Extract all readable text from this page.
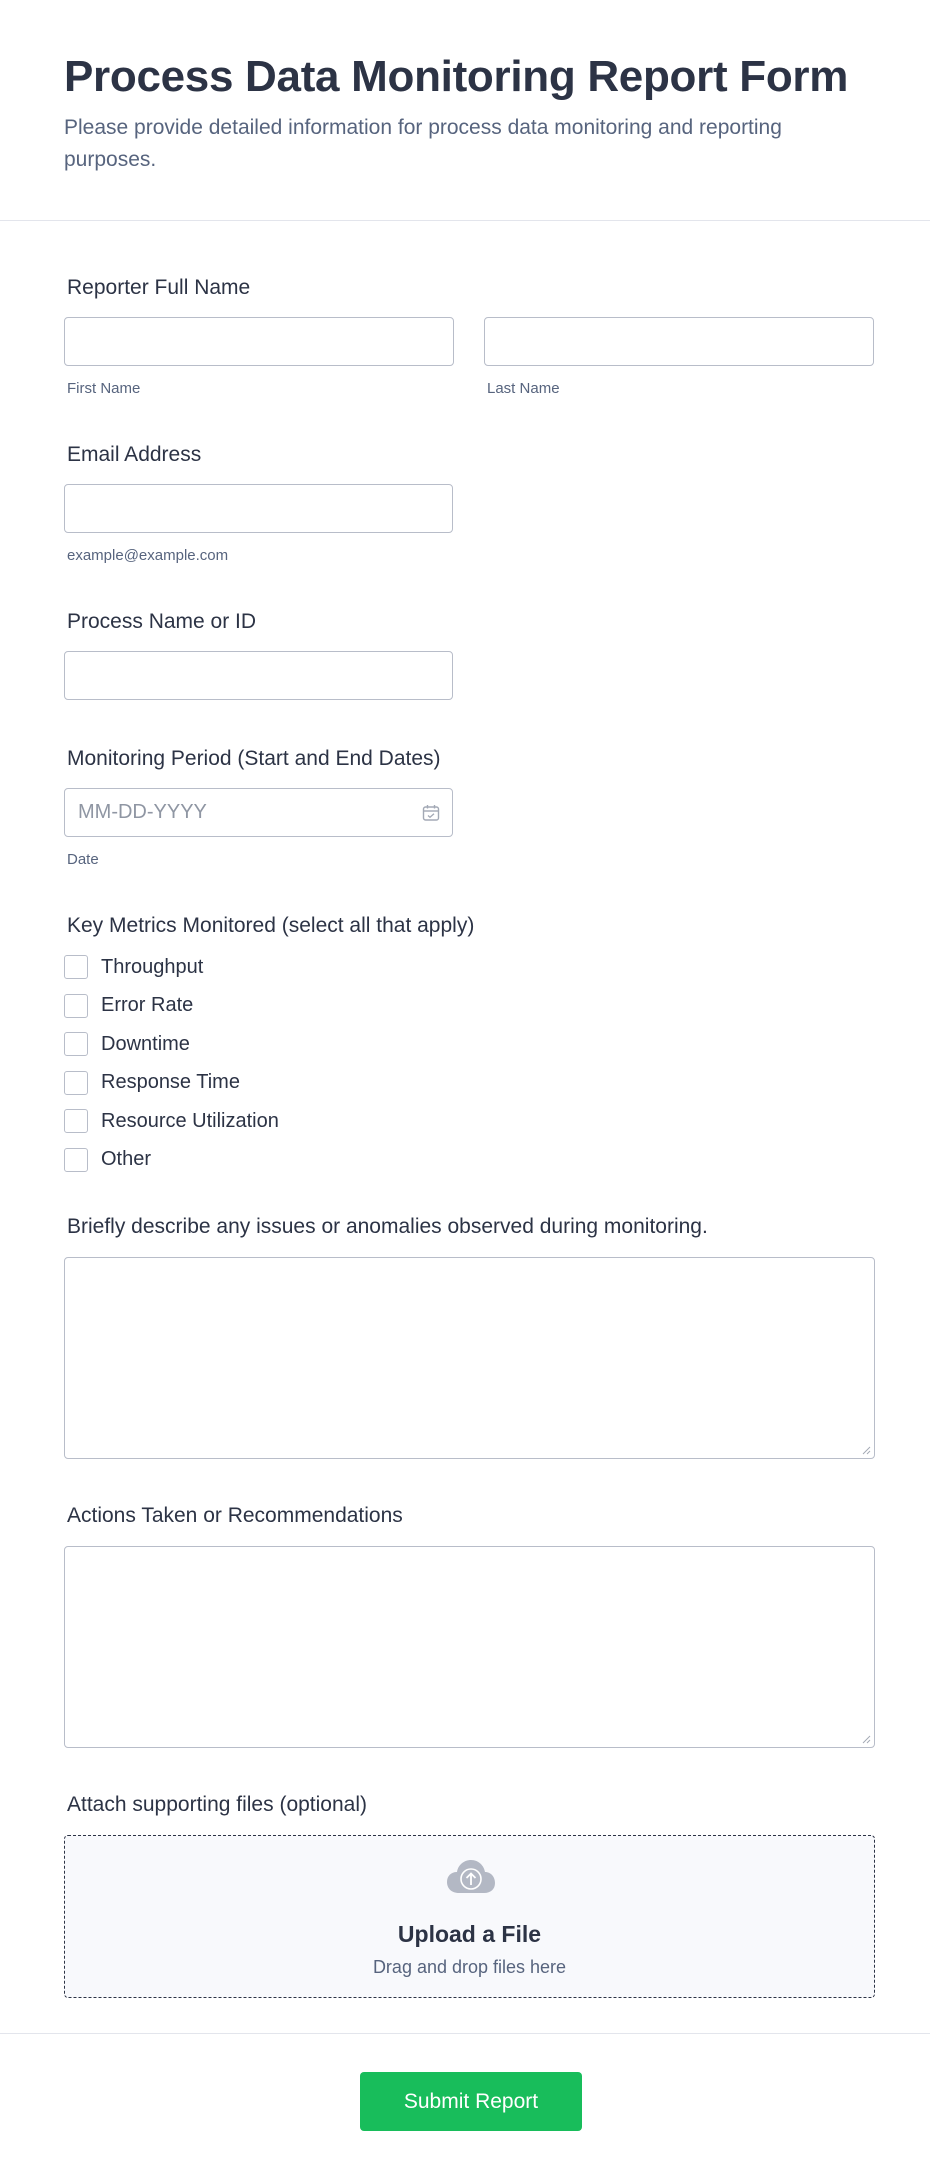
Process Data Monitoring Report Form

Please provide detailed information for process data monitoring and reporting purposes.

Reporter Full Name
First Name	Last Name
Email Address
example@example.com
Process Name or ID
Monitoring Period (Start and End Dates)
MM-DD-YYYY
Date
Key Metrics Monitored (select all that apply)
Throughput
Error Rate
Downtime
Response Time
Resource Utilization
Other
Briefly describe any issues or anomalies observed during monitoring.
Actions Taken or Recommendations
Attach supporting files (optional)
Upload a File
Drag and drop files here
Submit Report
